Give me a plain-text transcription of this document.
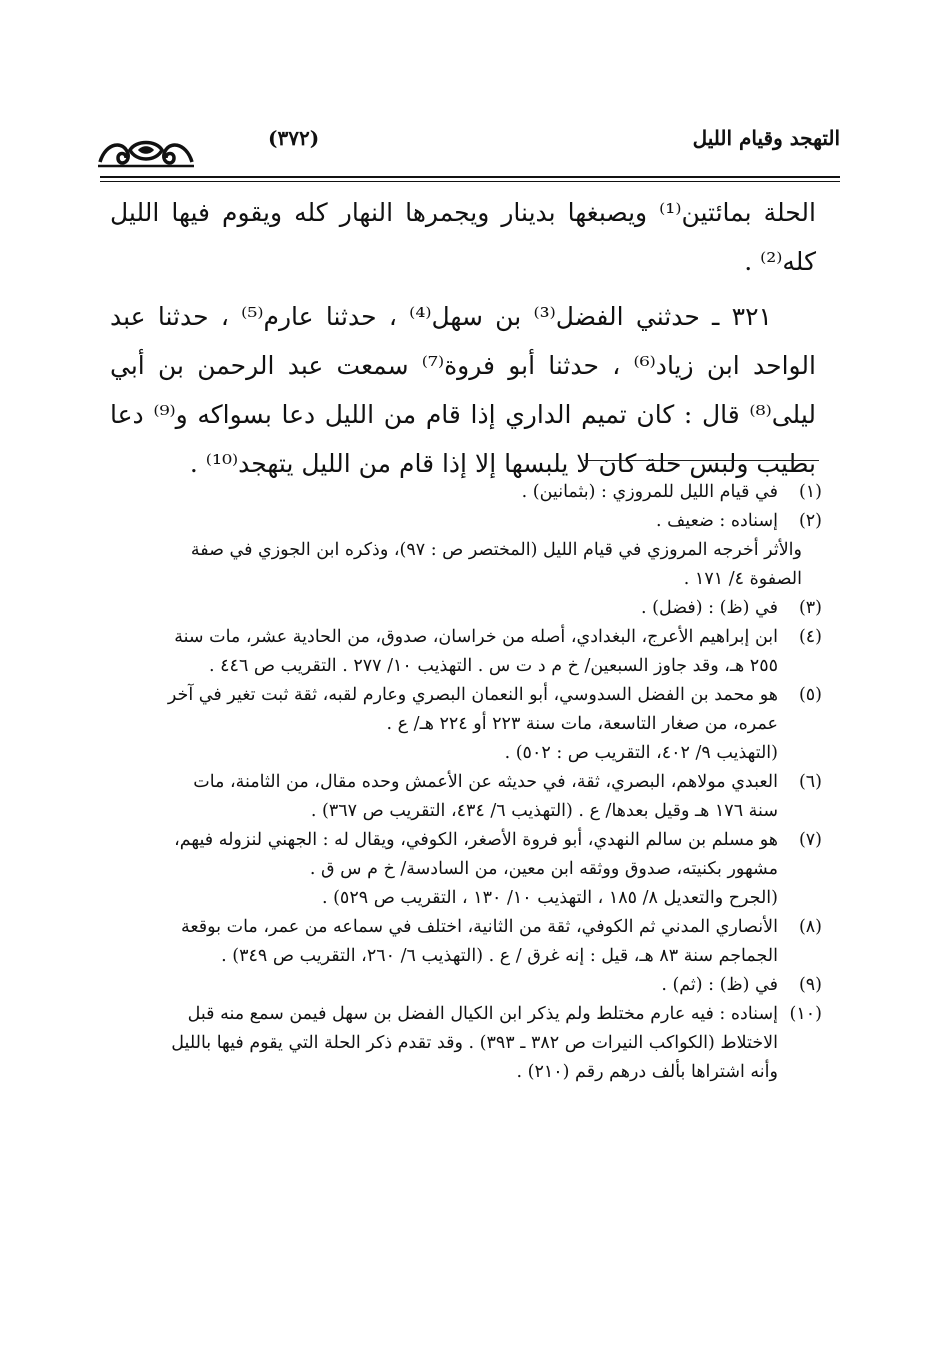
التهجد وقيام الليل
(٣٧٢)

الحلة بمائتين⁽¹⁾ ويصبغها بدينار ويجمرها النهار كله ويقوم فيها الليل كله⁽²⁾ .

٣٢١ ـ حدثني الفضل⁽³⁾ بن سهل⁽⁴⁾ ، حدثنا عارم⁽⁵⁾ ، حدثنا عبد الواحد ابن زياد⁽⁶⁾ ، حدثنا أبو فروة⁽⁷⁾ سمعت عبد الرحمن بن أبي ليلى⁽⁸⁾ قال : كان تميم الداري إذا قام من الليل دعا بسواكه و⁽⁹⁾ دعا بطيب ولبس حلة كان لا يلبسها إلا إذا قام من الليل يتهجد⁽¹⁰⁾ .

(١)
في قيام الليل للمروزي : (بثمانين) .
(٢)
إسناده : ضعيف .
والأثر أخرجه المروزي في قيام الليل (المختصر ص : ٩٧)، وذكره ابن الجوزي في صفة
الصفوة ٤/ ١٧١ .
(٣)
في (ظ) : (فضل) .
(٤)
ابن إبراهيم الأعرج، البغدادي، أصله من خراسان، صدوق، من الحادية عشر، مات سنة
٢٥٥ هـ، وقد جاوز السبعين/ خ م د ت س . التهذيب ١٠/ ٢٧٧ . التقريب ص ٤٤٦ .
(٥)
هو محمد بن الفضل السدوسي، أبو النعمان البصري وعارم لقبه، ثقة ثبت تغير في آخر
عمره، من صغار التاسعة، مات سنة ٢٢٣ أو ٢٢٤ هـ/ ع .
(التهذيب ٩/ ٤٠٢، التقريب ص : ٥٠٢) .
(٦)
العبدي مولاهم، البصري، ثقة، في حديثه عن الأعمش وحده مقال، من الثامنة، مات
سنة ١٧٦ هـ وقيل بعدها/ ع . (التهذيب ٦/ ٤٣٤، التقريب ص ٣٦٧) .
(٧)
هو مسلم بن سالم النهدي، أبو فروة الأصغر، الكوفي، ويقال له : الجهني لنزوله فيهم،
مشهور بكنيته، صدوق ووثقه ابن معين، من السادسة/ خ م س ق .
(الجرح والتعديل ٨/ ١٨٥ ، التهذيب ١٠/ ١٣٠ ، التقريب ص ٥٢٩) .
(٨)
الأنصاري المدني ثم الكوفي، ثقة من الثانية، اختلف في سماعه من عمر، مات بوقعة
الجماجم سنة ٨٣ هـ، قيل : إنه غرق / ع . (التهذيب ٦/ ٢٦٠، التقريب ص ٣٤٩) .
(٩)
في (ظ) : (ثم) .
(١٠)
إسناده : فيه عارم مختلط ولم يذكر ابن الكيال الفضل بن سهل فيمن سمع منه قبل
الاختلاط (الكواكب النيرات ص ٣٨٢ ـ ٣٩٣) . وقد تقدم ذكر الحلة التي يقوم فيها بالليل
وأنه اشتراها بألف درهم رقم (٢١٠) .
